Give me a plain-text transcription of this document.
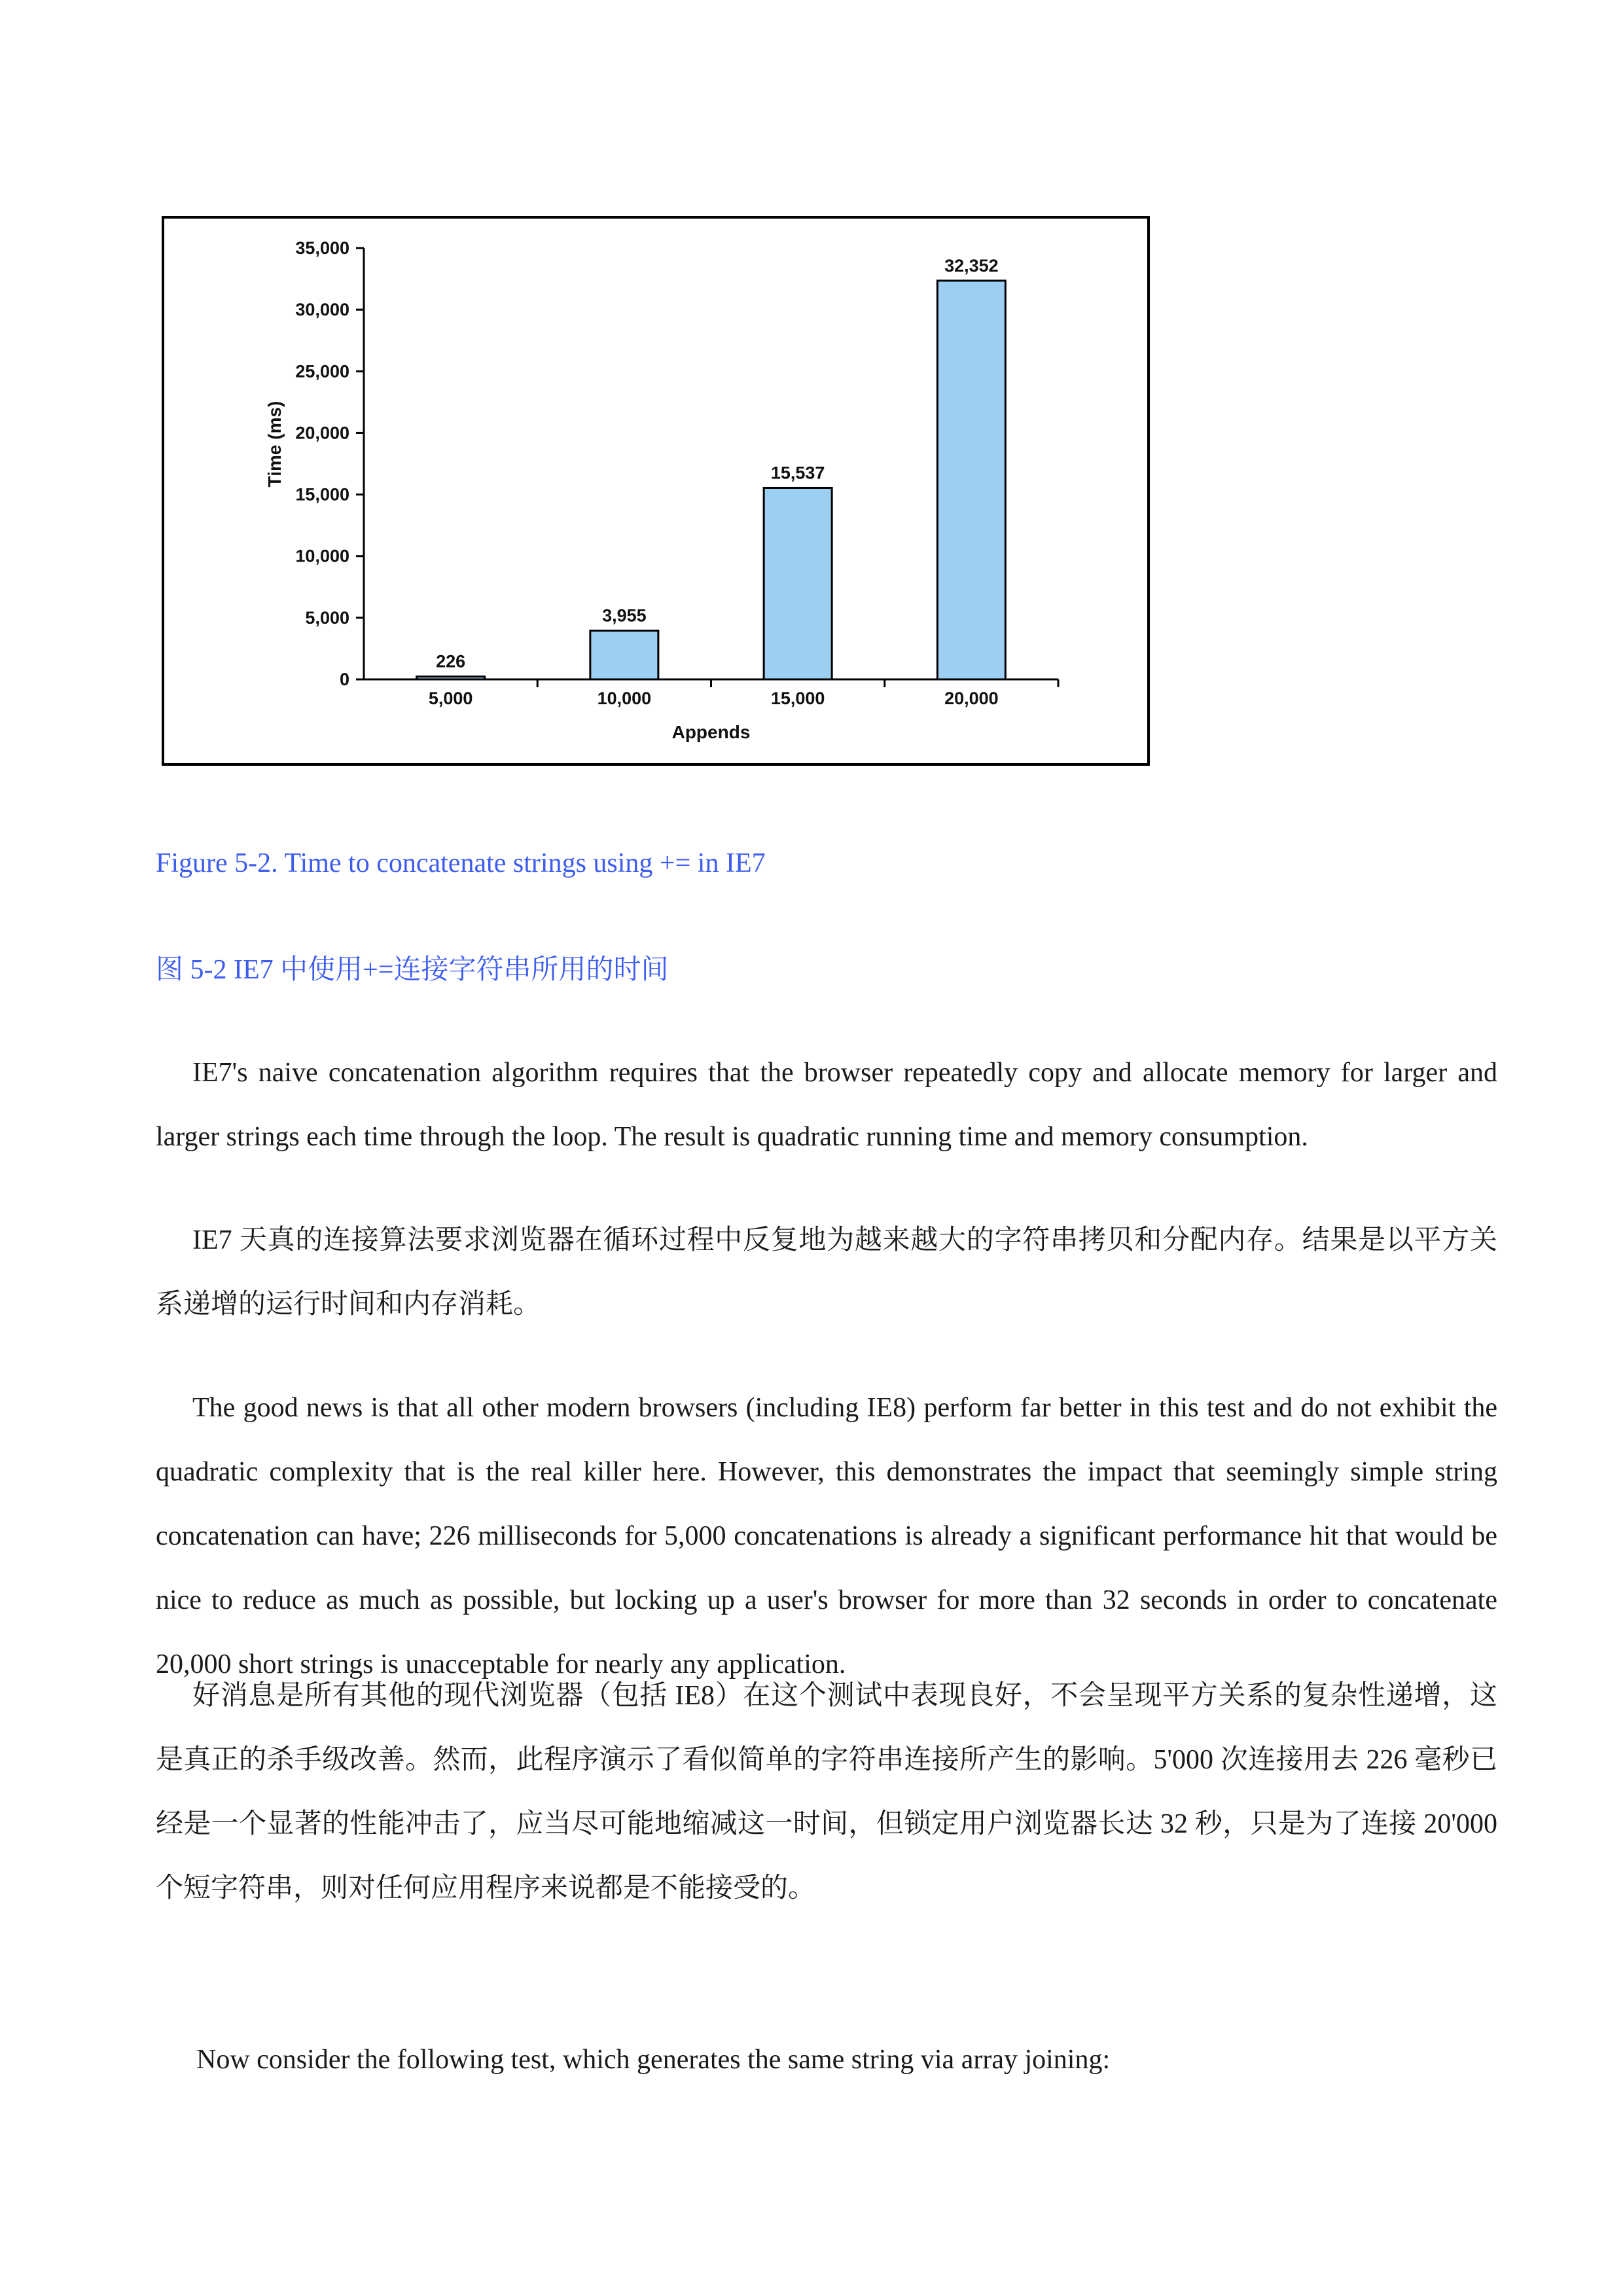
0
5,000
10,000
15,000
20,000
25,000
30,000
35,000
226
5,000
3,955
10,000
15,537
15,000
32,352
20,000
Appends
Time (ms)

Figure 5-2. Time to concatenate strings using += in IE7

图 5-2 IE7 中使用+=连接字符串所用的时间

IE7's naive concatenation algorithm requires that the browser repeatedly copy and allocate memory for larger and larger strings each time through the loop. The result is quadratic running time and memory consumption.

IE7 天真的连接算法要求浏览器在循环过程中反复地为越来越大的字符串拷贝和分配内存。结果是以平方关系递增的运行时间和内存消耗。

The good news is that all other modern browsers (including IE8) perform far better in this test and do not exhibit the quadratic complexity that is the real killer here. However, this demonstrates the impact that seemingly simple string concatenation can have; 226 milliseconds for 5,000 concatenations is already a significant performance hit that would be nice to reduce as much as possible, but locking up a user's browser for more than 32 seconds in order to concatenate 20,000 short strings is unacceptable for nearly any application.

好消息是所有其他的现代浏览器（包括 IE8）在这个测试中表现良好，不会呈现平方关系的复杂性递增，这是真正的杀手级改善。然而，此程序演示了看似简单的字符串连接所产生的影响。5'000 次连接用去 226 毫秒已经是一个显著的性能冲击了，应当尽可能地缩减这一时间，但锁定用户浏览器长达 32 秒，只是为了连接 20'000 个短字符串，则对任何应用程序来说都是不能接受的。

Now consider the following test, which generates the same string via array joining:
